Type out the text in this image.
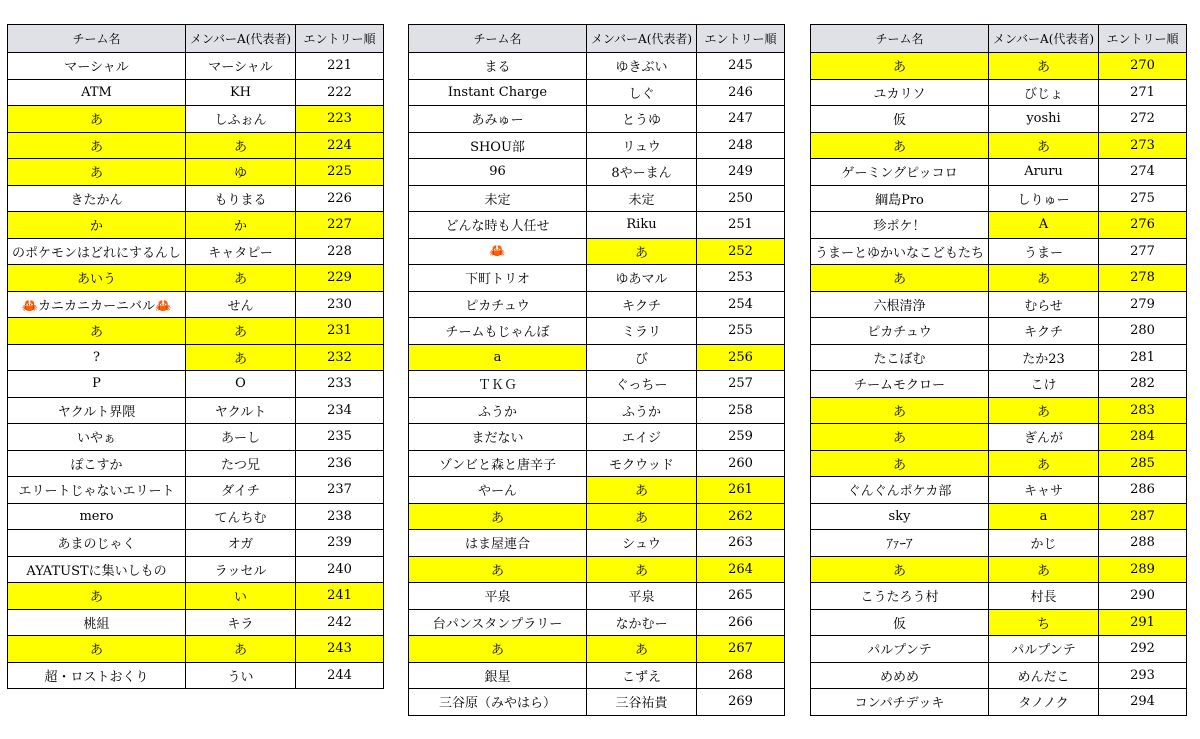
チーム名	メンバーA(代表者)	エントリー順
マーシャル	マーシャル	221
ATM	KH	222
あ	しふぉん	223
あ	あ	224
あ	ゆ	225
きたかん	もりまる	226
か	か	227
のポケモンはどれにするんし	キャタピー	228
あいう	あ	229
🦀カニカニカーニバル🦀	せん	230
あ	あ	231
?	あ	232
P	O	233
ヤクルト界隈	ヤクルト	234
いやぁ	あーし	235
ぽこすか	たつ兄	236
エリートじゃないエリート	ダイチ	237
mero	てんちむ	238
あまのじゃく	オガ	239
AYATUSTに集いしもの	ラッセル	240
あ	い	241
桃組	キラ	242
あ	あ	243
超・ロストおくり	うい	244
チーム名	メンバーA(代表者)	エントリー順
まる	ゆきぶい	245
Instant Charge	しぐ	246
あみゅー	とうゆ	247
SHOU部	リュウ	248
96	8やーまん	249
未定	未定	250
どんな時も人任せ	Riku	251
🦀	あ	252
下町トリオ	ゆあマル	253
ピカチュウ	キクチ	254
チームもじゃんぼ	ミラリ	255
a	び	256
ＴＫＧ	ぐっちー	257
ふうか	ふうか	258
まだない	エイジ	259
ゾンビと森と唐辛子	モクウッド	260
やーん	あ	261
あ	あ	262
はま屋連合	シュウ	263
あ	あ	264
平泉	平泉	265
台パンスタンプラリー	なかむー	266
あ	あ	267
銀星	こずえ	268
三谷原（みやはら）	三谷祐貴	269
チーム名	メンバーA(代表者)	エントリー順
あ	あ	270
ユカリソ	びじょ	271
仮	yoshi	272
あ	あ	273
ゲーミングピッコロ	Aruru	274
綱島Pro	しりゅー	275
珍ポケ！	A	276
うまーとゆかいなこどもたち	うまー	277
あ	あ	278
六根清浄	むらせ	279
ピカチュウ	キクチ	280
たこぼむ	たか23	281
チームモクロー	こけ	282
あ	あ	283
あ	ぎんが	284
あ	あ	285
ぐんぐんポケカ部	キャサ	286
sky	a	287
ｱｧｰｱ	かじ	288
あ	あ	289
こうたろう村	村長	290
仮	ち	291
パルプンテ	パルプンテ	292
めめめ	めんだこ	293
コンパチデッキ	タノノク	294
